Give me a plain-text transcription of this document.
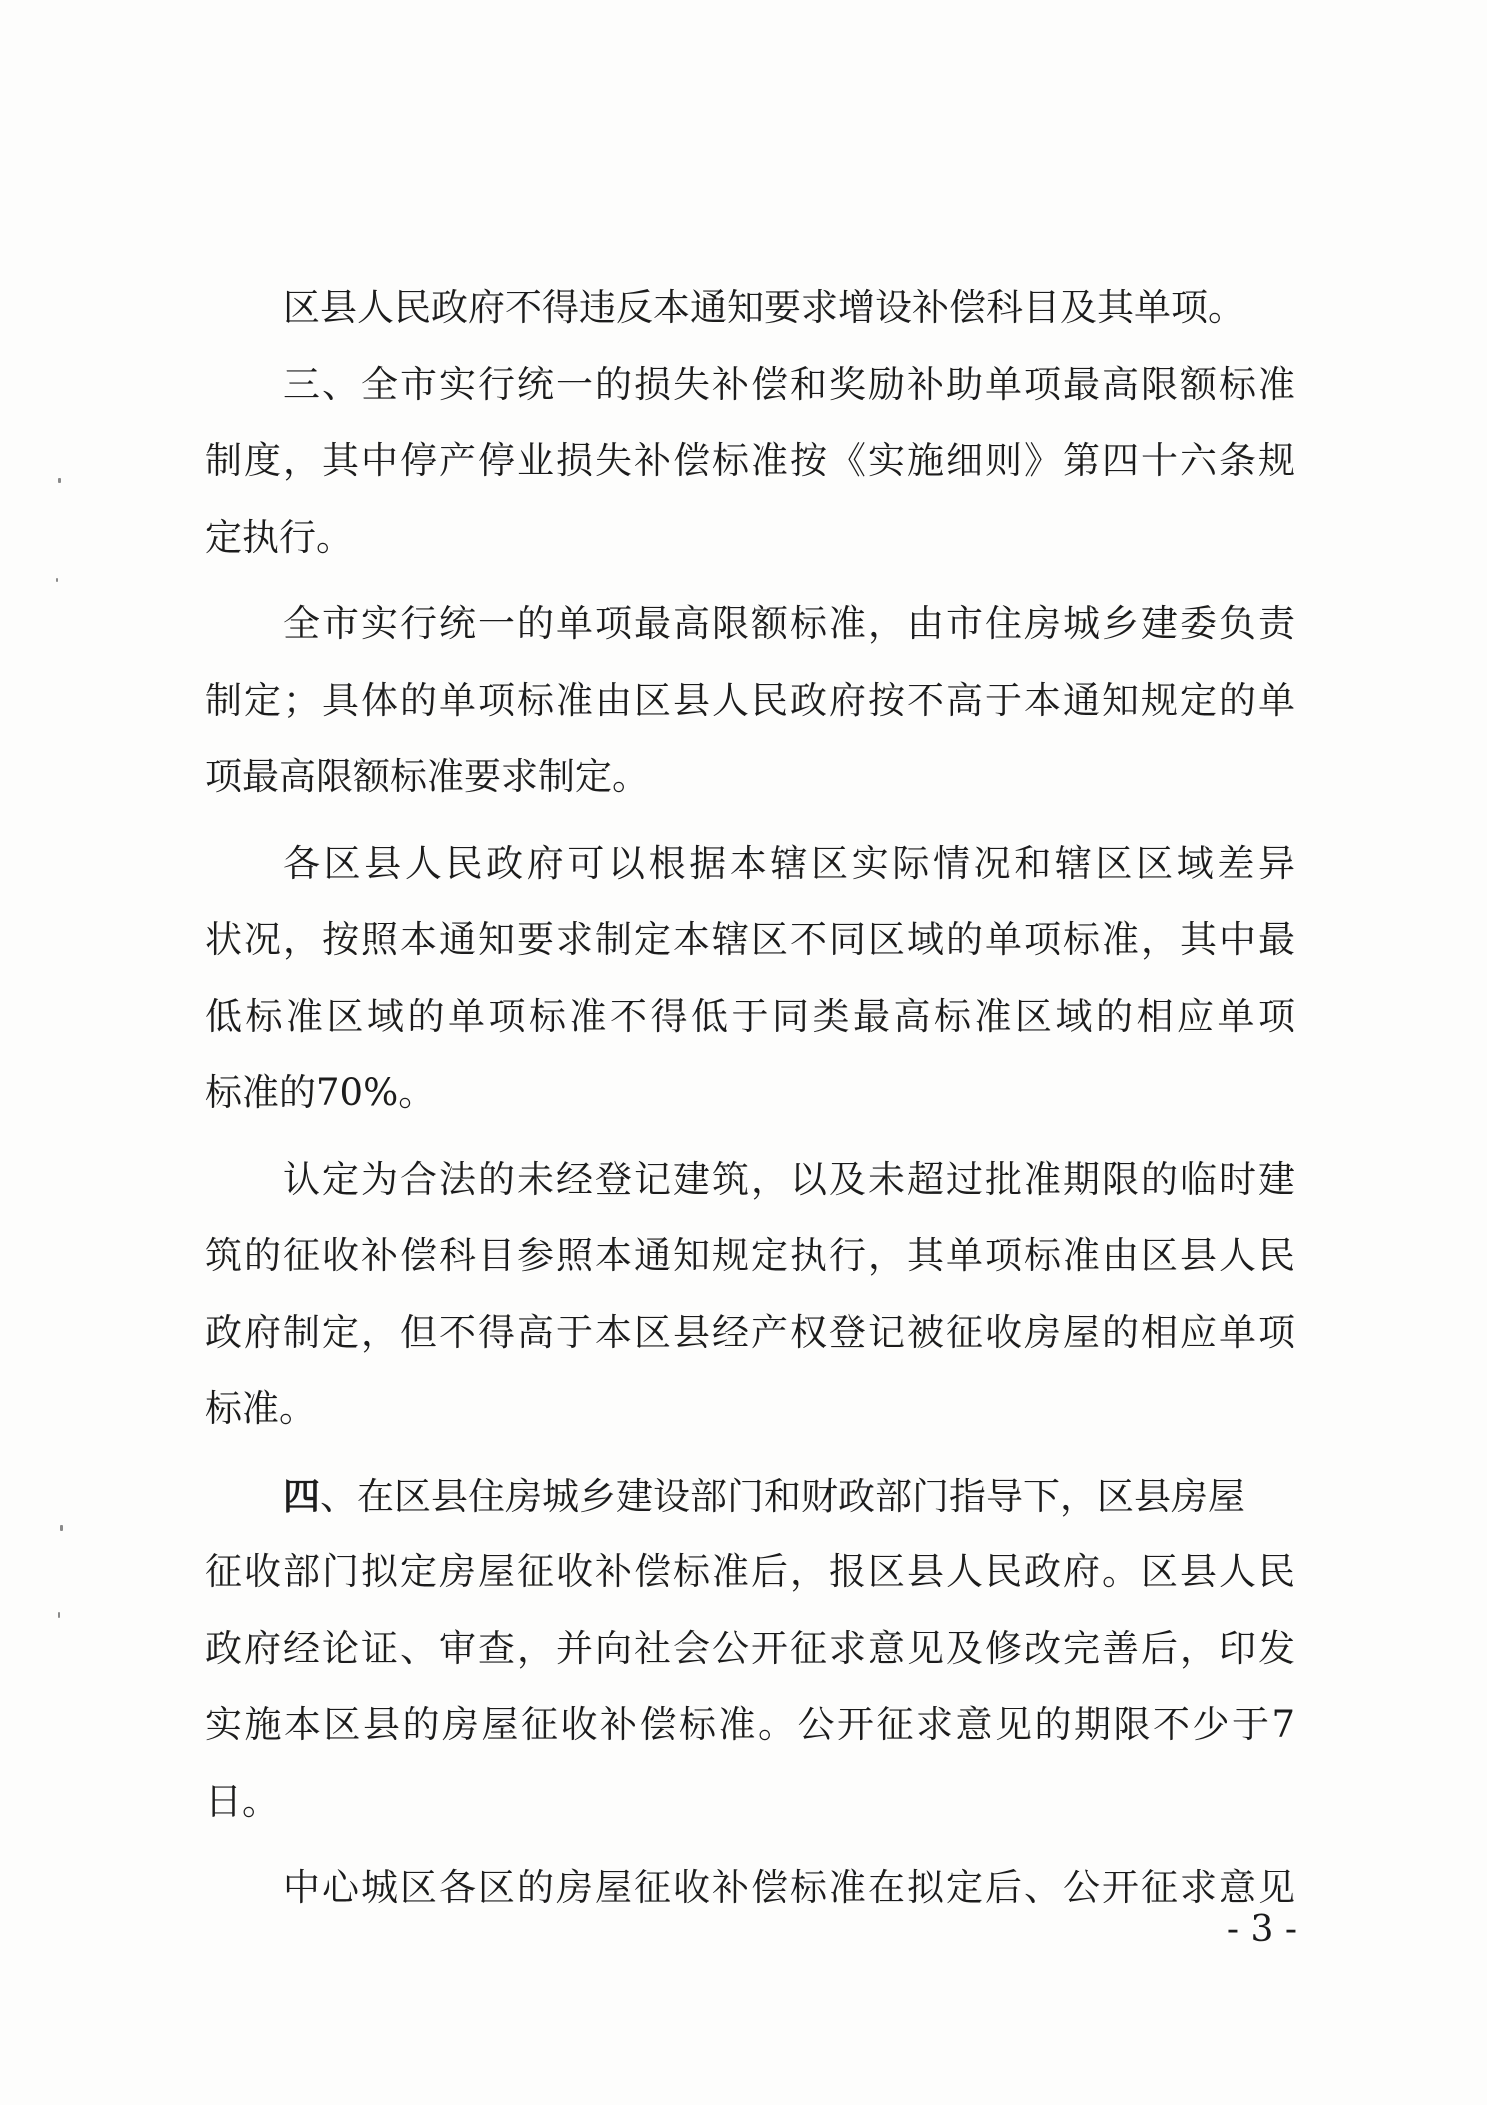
区县人民政府不得违反本通知要求增设补偿科目及其单项。
三、全市实行统一的损失补偿和奖励补助单项最高限额标准
制度，其中停产停业损失补偿标准按《实施细则》第四十六条规
定执行。
全市实行统一的单项最高限额标准，由市住房城乡建委负责
制定；具体的单项标准由区县人民政府按不高于本通知规定的单
项最高限额标准要求制定。
各区县人民政府可以根据本辖区实际情况和辖区区域差异
状况，按照本通知要求制定本辖区不同区域的单项标准，其中最
低标准区域的单项标准不得低于同类最高标准区域的相应单项
标准的70%。
认定为合法的未经登记建筑，以及未超过批准期限的临时建
筑的征收补偿科目参照本通知规定执行，其单项标准由区县人民
政府制定，但不得高于本区县经产权登记被征收房屋的相应单项
标准。
四、在区县住房城乡建设部门和财政部门指导下，区县房屋
征收部门拟定房屋征收补偿标准后，报区县人民政府。区县人民
政府经论证、审查，并向社会公开征求意见及修改完善后，印发
实施本区县的房屋征收补偿标准。公开征求意见的期限不少于7
日。
中心城区各区的房屋征收补偿标准在拟定后、公开征求意见
- 3 -
